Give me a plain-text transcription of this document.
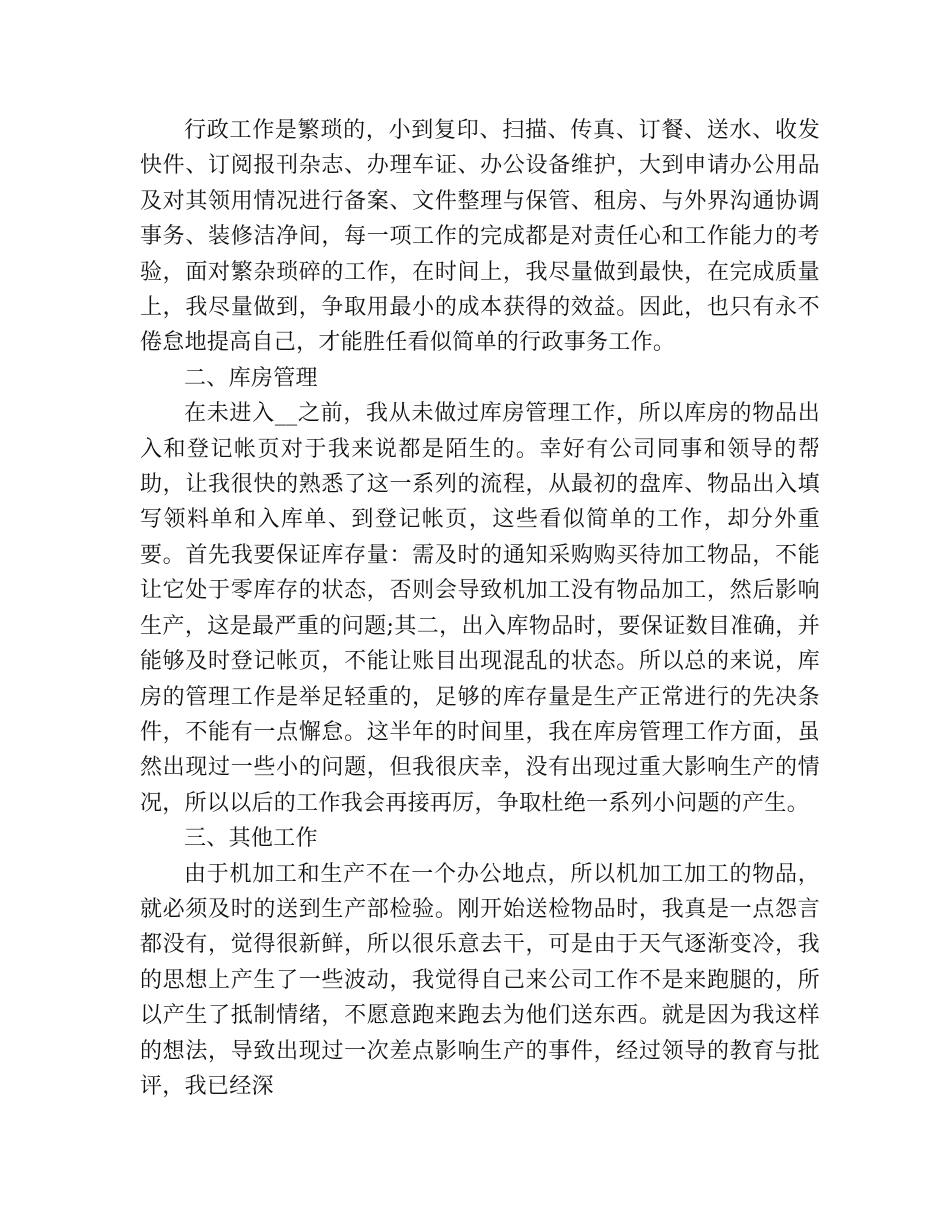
行政工作是繁琐的，小到复印、扫描、传真、订餐、送水、收发快件、订阅报刊杂志、办理车证、办公设备维护，大到申请办公用品及对其领用情况进行备案、文件整理与保管、租房、与外界沟通协调事务、装修洁净间，每一项工作的完成都是对责任心和工作能力的考验，面对繁杂琐碎的工作，在时间上，我尽量做到最快，在完成质量上，我尽量做到，争取用最小的成本获得的效益。因此，也只有永不倦怠地提高自己，才能胜任看似简单的行政事务工作。

二、库房管理

在未进入__之前，我从未做过库房管理工作，所以库房的物品出入和登记帐页对于我来说都是陌生的。幸好有公司同事和领导的帮助，让我很快的熟悉了这一系列的流程，从最初的盘库、物品出入填写领料单和入库单、到登记帐页，这些看似简单的工作，却分外重要。首先我要保证库存量：需及时的通知采购购买待加工物品，不能让它处于零库存的状态，否则会导致机加工没有物品加工，然后影响生产，这是最严重的问题;其二，出入库物品时，要保证数目准确，并能够及时登记帐页，不能让账目出现混乱的状态。所以总的来说，库房的管理工作是举足轻重的，足够的库存量是生产正常进行的先决条件，不能有一点懈怠。这半年的时间里，我在库房管理工作方面，虽然出现过一些小的问题，但我很庆幸，没有出现过重大影响生产的情况，所以以后的工作我会再接再厉，争取杜绝一系列小问题的产生。

三、其他工作

由于机加工和生产不在一个办公地点，所以机加工加工的物品，就必须及时的送到生产部检验。刚开始送检物品时，我真是一点怨言都没有，觉得很新鲜，所以很乐意去干，可是由于天气逐渐变冷，我的思想上产生了一些波动，我觉得自己来公司工作不是来跑腿的，所以产生了抵制情绪，不愿意跑来跑去为他们送东西。就是因为我这样的想法，导致出现过一次差点影响生产的事件，经过领导的教育与批评，我已经深
